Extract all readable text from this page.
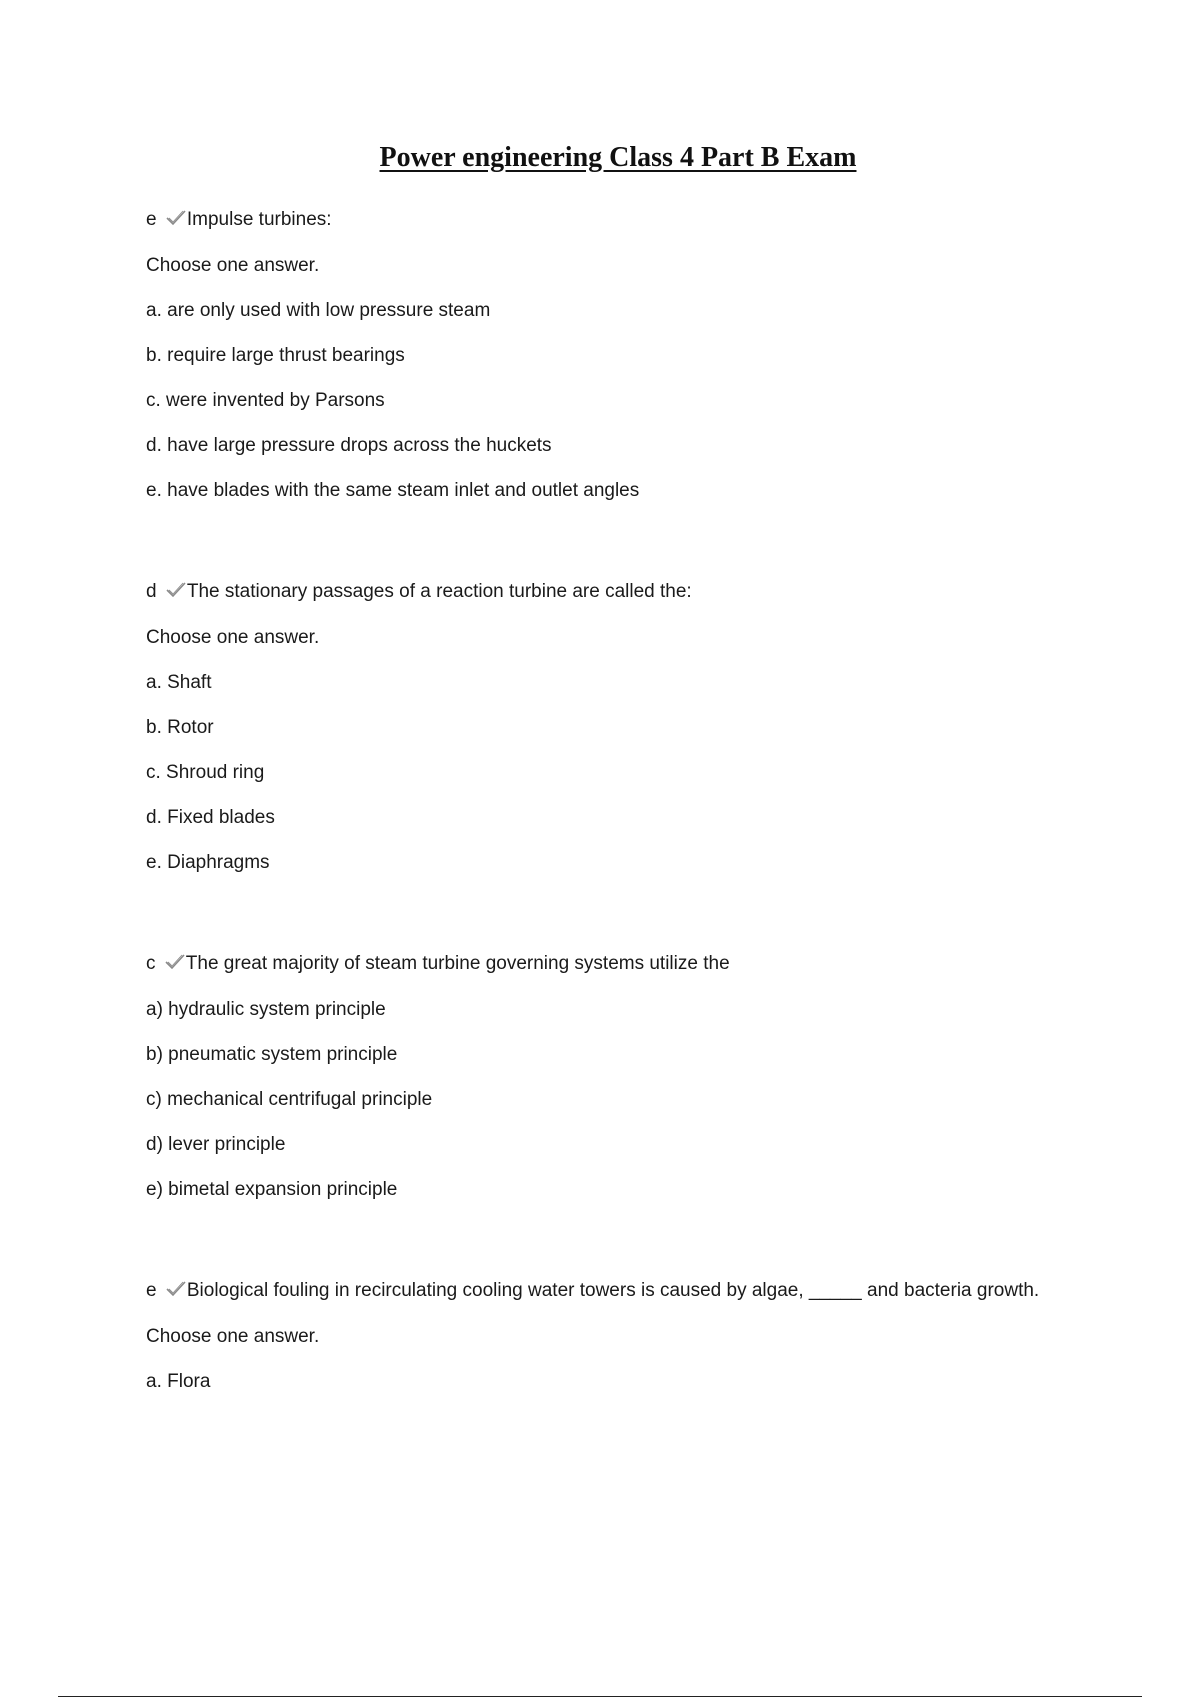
Power engineering Class 4 Part B Exam
e Impulse turbines:
Choose one answer.
a. are only used with low pressure steam
b. require large thrust bearings
c. were invented by Parsons
d. have large pressure drops across the huckets
e. have blades with the same steam inlet and outlet angles
d The stationary passages of a reaction turbine are called the:
Choose one answer.
a. Shaft
b. Rotor
c. Shroud ring
d. Fixed blades
e. Diaphragms
c The great majority of steam turbine governing systems utilize the
a) hydraulic system principle
b) pneumatic system principle
c) mechanical centrifugal principle
d) lever principle
e) bimetal expansion principle
e Biological fouling in recirculating cooling water towers is caused by algae, _____ and bacteria growth.
Choose one answer.
a. Flora
